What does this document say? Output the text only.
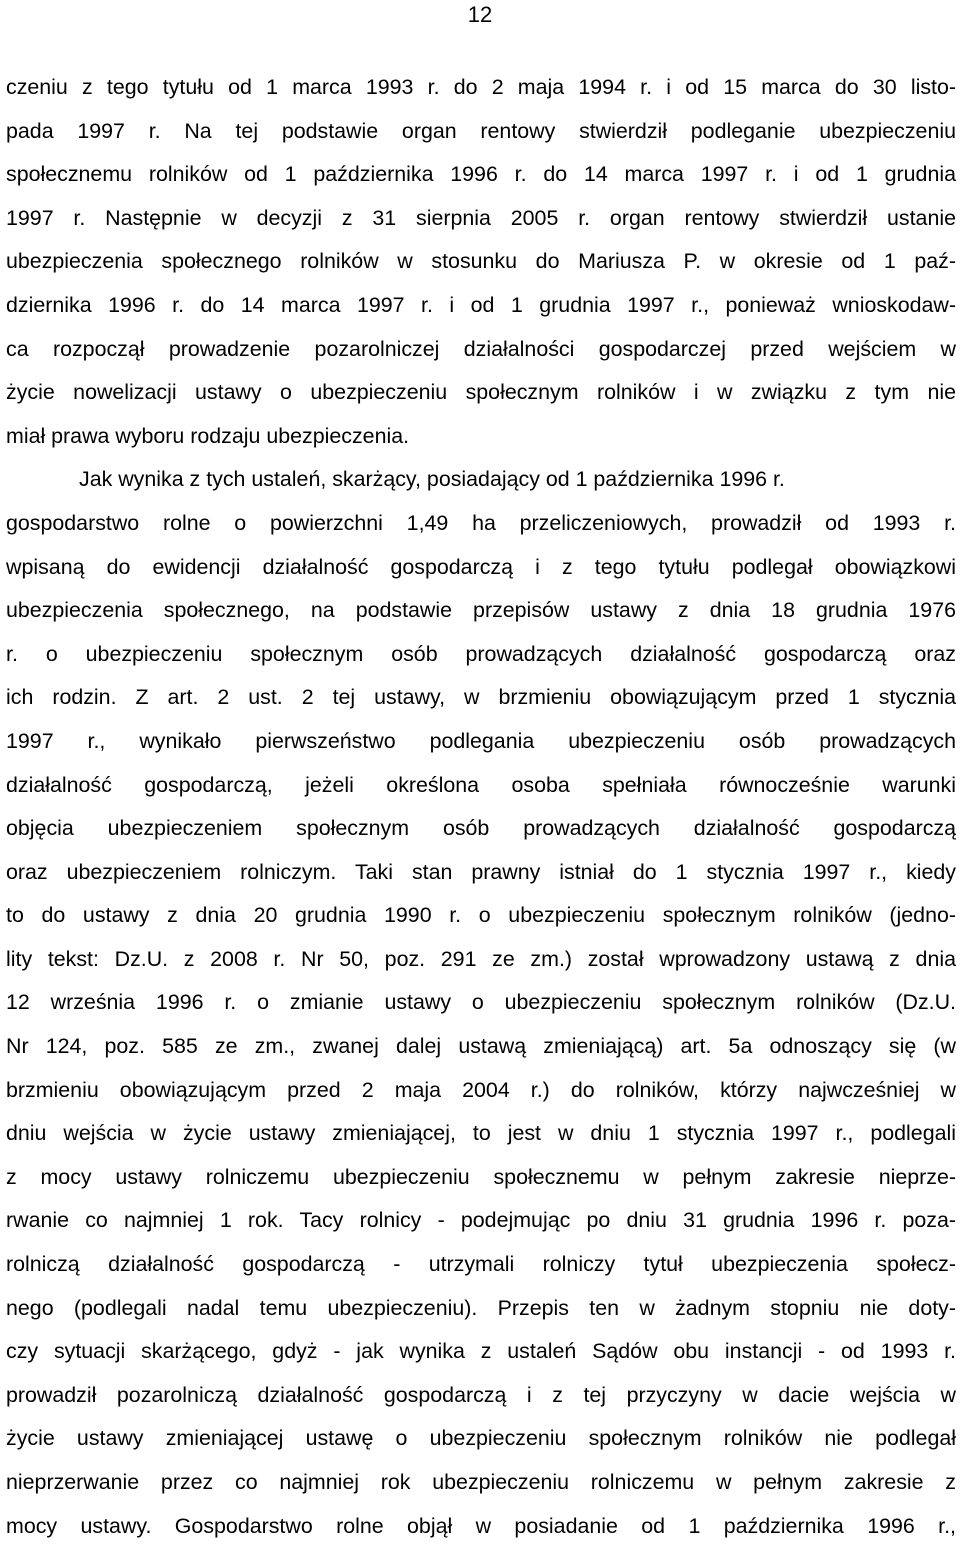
12
czeniu z tego tytułu od 1 marca 1993 r. do 2 maja 1994 r. i od 15 marca do 30 listo-
pada 1997 r. Na tej podstawie organ rentowy stwierdził podleganie ubezpieczeniu
społecznemu rolników od 1 października 1996 r. do 14 marca 1997 r. i od 1 grudnia
1997 r. Następnie w decyzji z 31 sierpnia 2005 r. organ rentowy stwierdził ustanie
ubezpieczenia społecznego rolników w stosunku do Mariusza P. w okresie od 1 paź-
dziernika 1996 r. do 14 marca 1997 r. i od 1 grudnia 1997 r., ponieważ wnioskodaw-
ca rozpoczął prowadzenie pozarolniczej działalności gospodarczej przed wejściem w
życie nowelizacji ustawy o ubezpieczeniu społecznym rolników i w związku z tym nie
miał prawa wyboru rodzaju ubezpieczenia.
Jak wynika z tych ustaleń, skarżący, posiadający od 1 października 1996 r.
gospodarstwo rolne o powierzchni 1,49 ha przeliczeniowych, prowadził od 1993 r.
wpisaną do ewidencji działalność gospodarczą i z tego tytułu podlegał obowiązkowi
ubezpieczenia społecznego, na podstawie przepisów ustawy z dnia 18 grudnia 1976
r. o ubezpieczeniu społecznym osób prowadzących działalność gospodarczą oraz
ich rodzin. Z art. 2 ust. 2 tej ustawy, w brzmieniu obowiązującym przed 1 stycznia
1997 r., wynikało pierwszeństwo podlegania ubezpieczeniu osób prowadzących
działalność gospodarczą, jeżeli określona osoba spełniała równocześnie warunki
objęcia ubezpieczeniem społecznym osób prowadzących działalność gospodarczą
oraz ubezpieczeniem rolniczym. Taki stan prawny istniał do 1 stycznia 1997 r., kiedy
to do ustawy z dnia 20 grudnia 1990 r. o ubezpieczeniu społecznym rolników (jedno-
lity tekst: Dz.U. z 2008 r. Nr 50, poz. 291 ze zm.) został wprowadzony ustawą z dnia
12 września 1996 r. o zmianie ustawy o ubezpieczeniu społecznym rolników (Dz.U.
Nr 124, poz. 585 ze zm., zwanej dalej ustawą zmieniającą) art. 5a odnoszący się (w
brzmieniu obowiązującym przed 2 maja 2004 r.) do rolników, którzy najwcześniej w
dniu wejścia w życie ustawy zmieniającej, to jest w dniu 1 stycznia 1997 r., podlegali
z mocy ustawy rolniczemu ubezpieczeniu społecznemu w pełnym zakresie nieprze-
rwanie co najmniej 1 rok. Tacy rolnicy - podejmując po dniu 31 grudnia 1996 r. poza-
rolniczą działalność gospodarczą - utrzymali rolniczy tytuł ubezpieczenia społecz-
nego (podlegali nadal temu ubezpieczeniu). Przepis ten w żadnym stopniu nie doty-
czy sytuacji skarżącego, gdyż - jak wynika z ustaleń Sądów obu instancji - od 1993 r.
prowadził pozarolniczą działalność gospodarczą i z tej przyczyny w dacie wejścia w
życie ustawy zmieniającej ustawę o ubezpieczeniu społecznym rolników nie podlegał
nieprzerwanie przez co najmniej rok ubezpieczeniu rolniczemu w pełnym zakresie z
mocy ustawy. Gospodarstwo rolne objął w posiadanie od 1 października 1996 r.,
